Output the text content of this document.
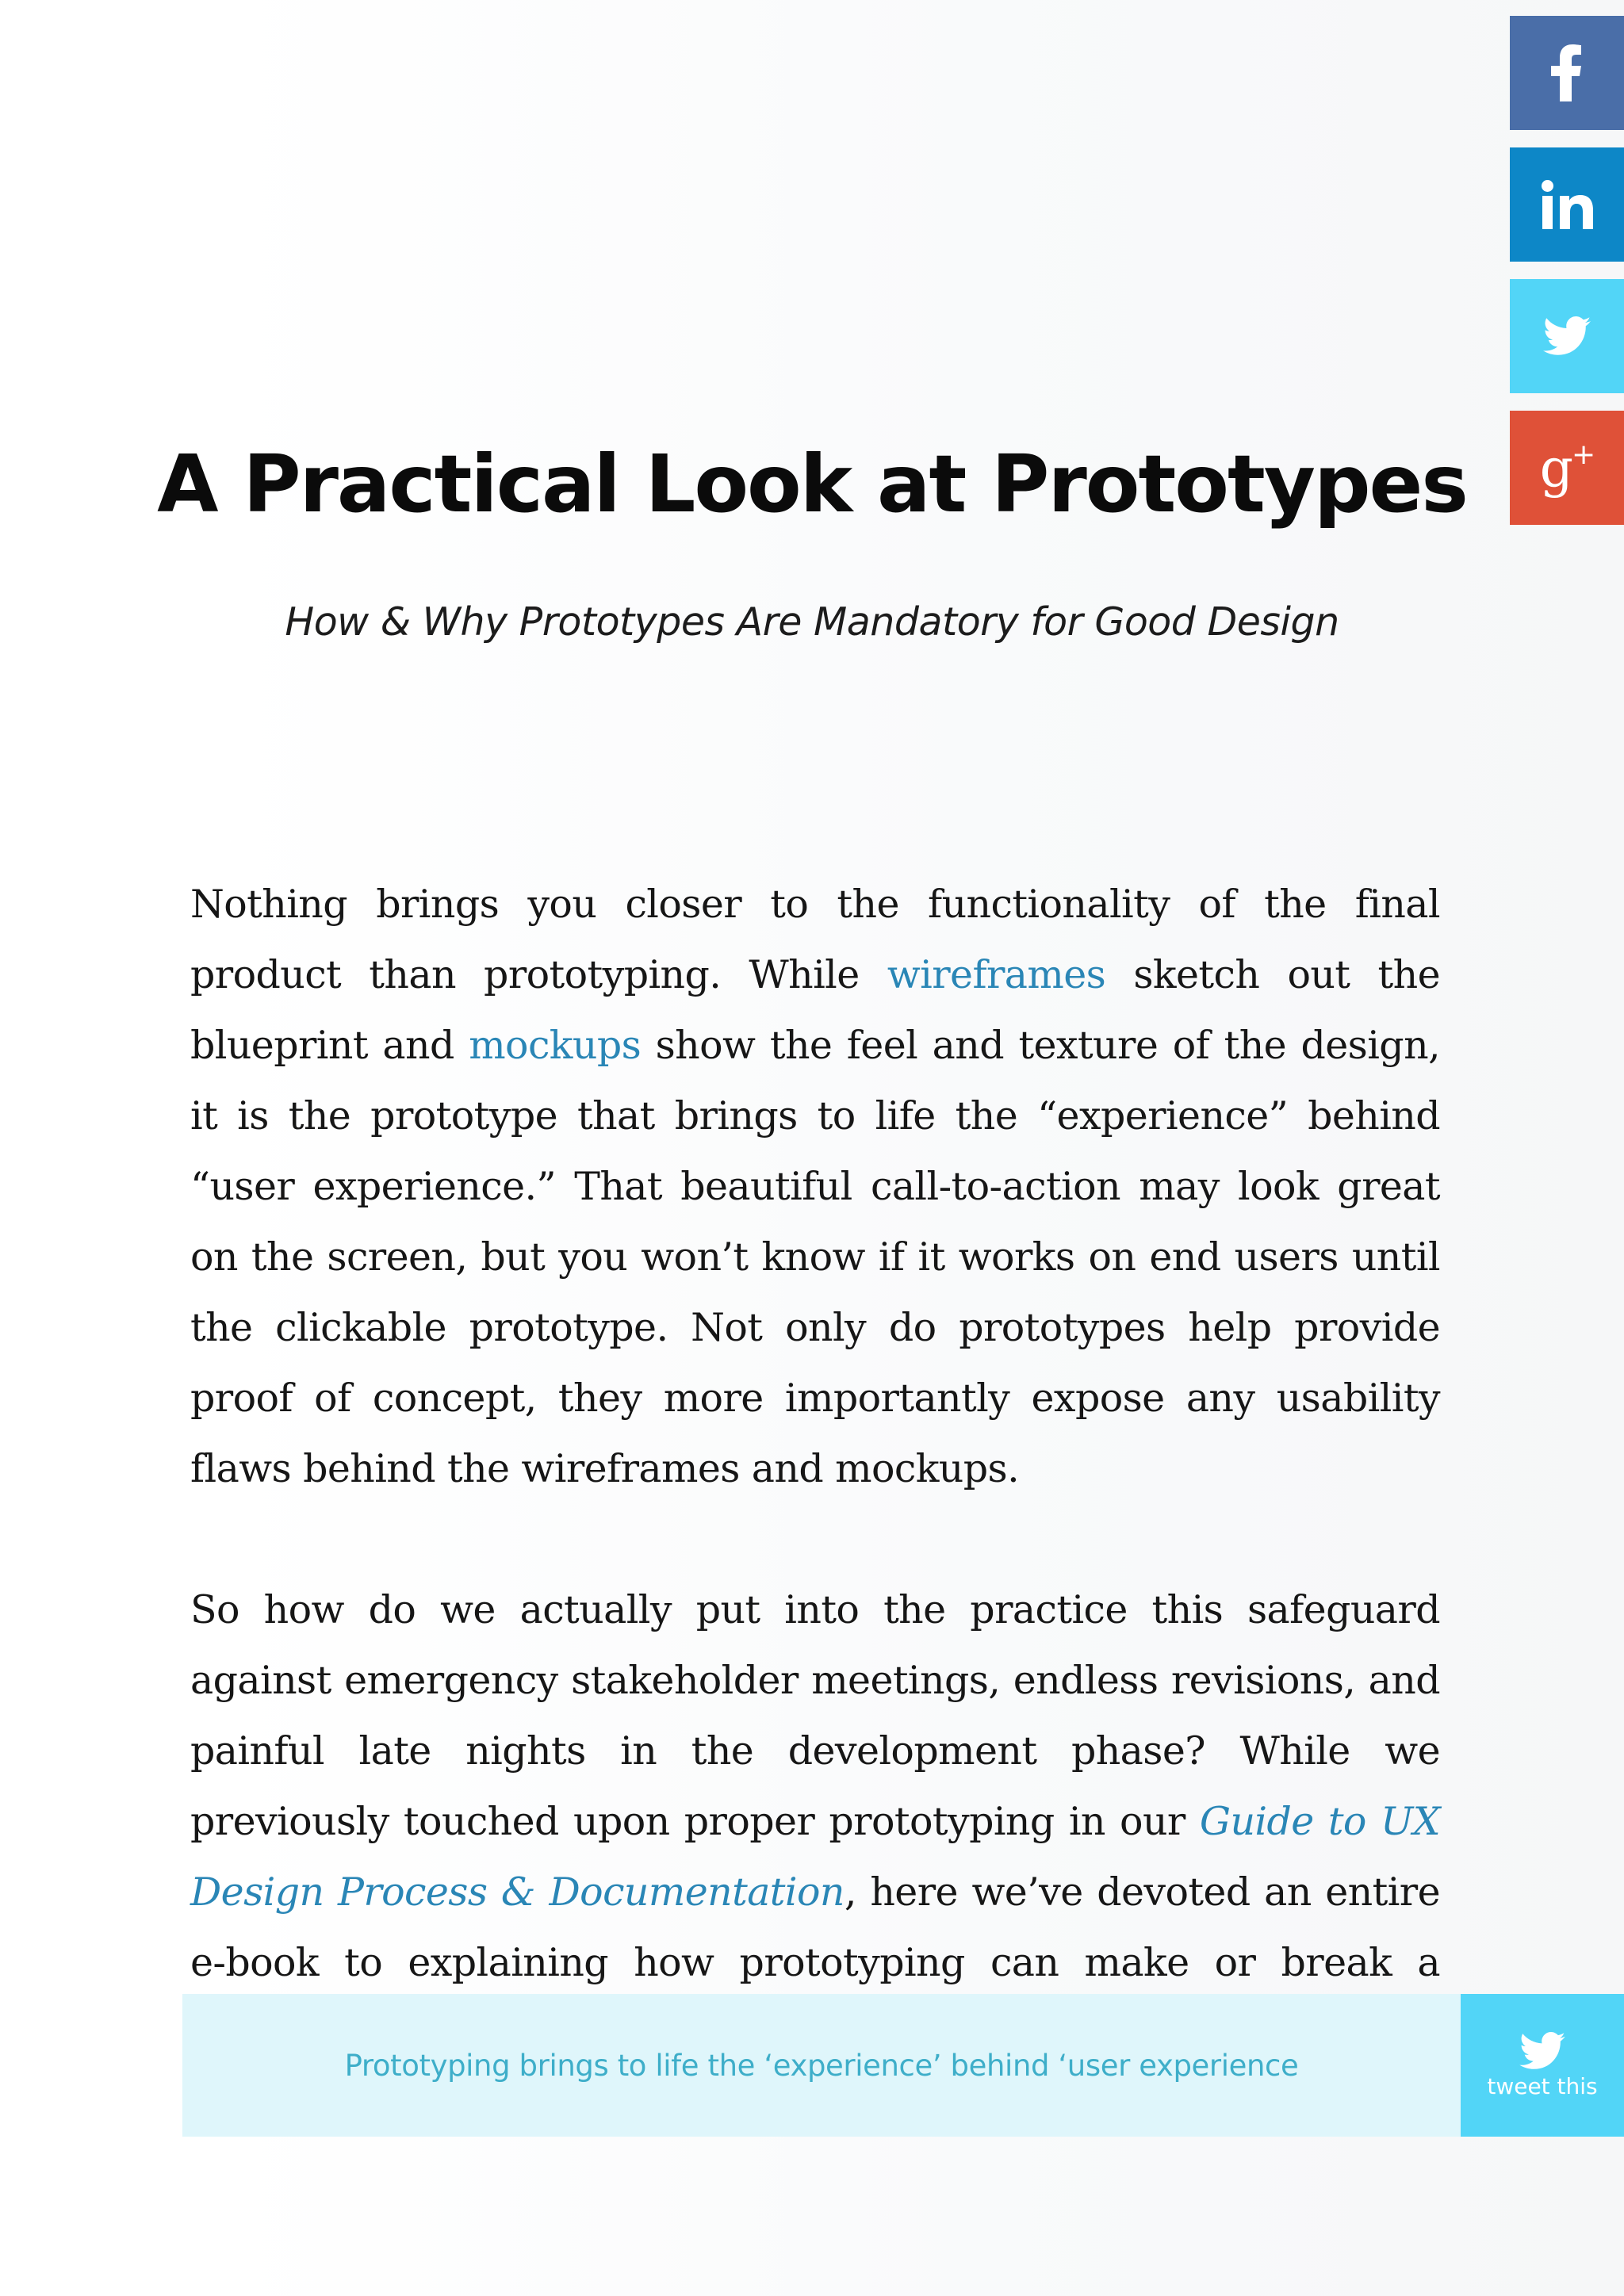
g+
A Practical Look at Prototypes

How & Why Prototypes Are Mandatory for Good Design

Nothing brings you closer to the functionality of the final product than prototyping. While wireframes sketch out the blueprint and mockups show the feel and texture of the design, it is the prototype that brings to life the “experience” behind “user experience.” That beautiful call-to-action may look great on the screen, but you won’t know if it works on end users until the clickable prototype. Not only do prototypes help provide proof of concept, they more importantly expose any usability flaws behind the wireframes and mockups.

So how do we actually put into the practice this safeguard against emergency stakeholder meetings, endless revisions, and painful late nights in the development phase? While we previously touched upon proper prototyping in our Guide to UX Design Process & Documentation, here we’ve devoted an entire e-book to explaining how prototyping can make or break a

Prototyping brings to life the ‘experience’ behind ‘user experience
tweet this
